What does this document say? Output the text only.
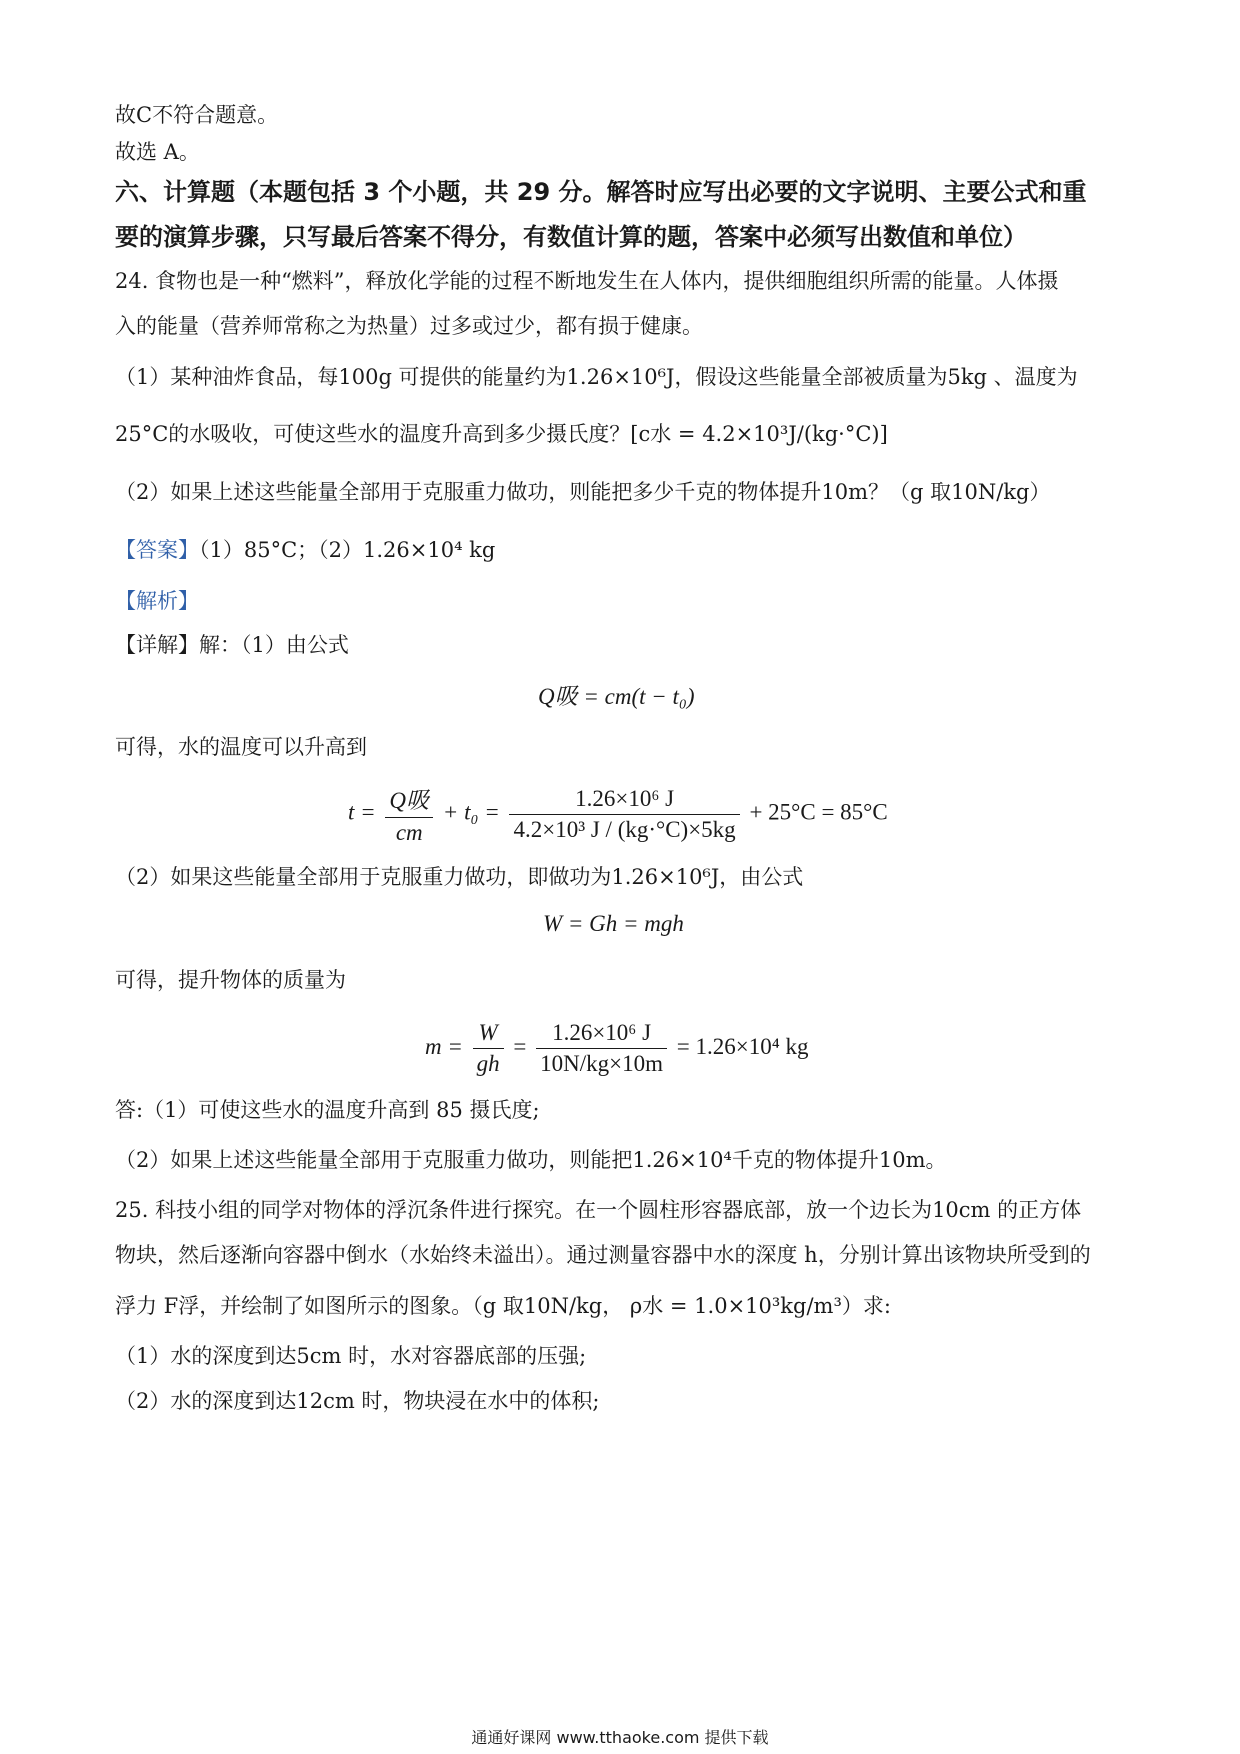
故C不符合题意。
故选 A。
六、计算题（本题包括 3 个小题，共 29 分。解答时应写出必要的文字说明、主要公式和重
要的演算步骤，只写最后答案不得分，有数值计算的题，答案中必须写出数值和单位）
24. 食物也是一种“燃料”，释放化学能的过程不断地发生在人体内，提供细胞组织所需的能量。人体摄
入的能量（营养师常称之为热量）过多或过少，都有损于健康。
（1）某种油炸食品，每100g 可提供的能量约为1.26×10⁶J，假设这些能量全部被质量为5kg 、温度为
25°C的水吸收，可使这些水的温度升高到多少摄氏度？[c水 = 4.2×10³J/(kg·°C)]
（2）如果上述这些能量全部用于克服重力做功，则能把多少千克的物体提升10m？（g 取10N/kg）
【答案】（1）85°C；（2）1.26×10⁴ kg
【解析】
【详解】解：（1）由公式
Q吸 = cm(t − t₀)
可得，水的温度可以升高到
$t = \frac{\text{Q吸}}{cm} + t_0 = \frac{\text{1.26×10⁶ J}}{\text{4.2×10³ J / (kg·°C)×5kg}} + 25^\circ C = 85^\circ C$
（2）如果这些能量全部用于克服重力做功，即做功为1.26×10⁶J，由公式
W = Gh = mgh
可得，提升物体的质量为
$m = \frac{W}{gh} = \frac{\text{1.26×10⁶ J}}{10N/kg\times 10m} = 1.26\times 10^4$ kg
答:（1）可使这些水的温度升高到 85 摄氏度;
（2）如果上述这些能量全部用于克服重力做功，则能把1.26×10⁴千克的物体提升10m。
25. 科技小组的同学对物体的浮沉条件进行探究。在一个圆柱形容器底部，放一个边长为10cm 的正方体
物块，然后逐渐向容器中倒水（水始终未溢出）。通过测量容器中水的深度 h，分别计算出该物块所受到的
浮力 F浮，并绘制了如图所示的图象。（g 取10N/kg， ρ水 = 1.0×10³kg/m³）求:
（1）水的深度到达5cm 时，水对容器底部的压强;
（2）水的深度到达12cm 时，物块浸在水中的体积;
通通好课网 www.tthaoke.com 提供下载
